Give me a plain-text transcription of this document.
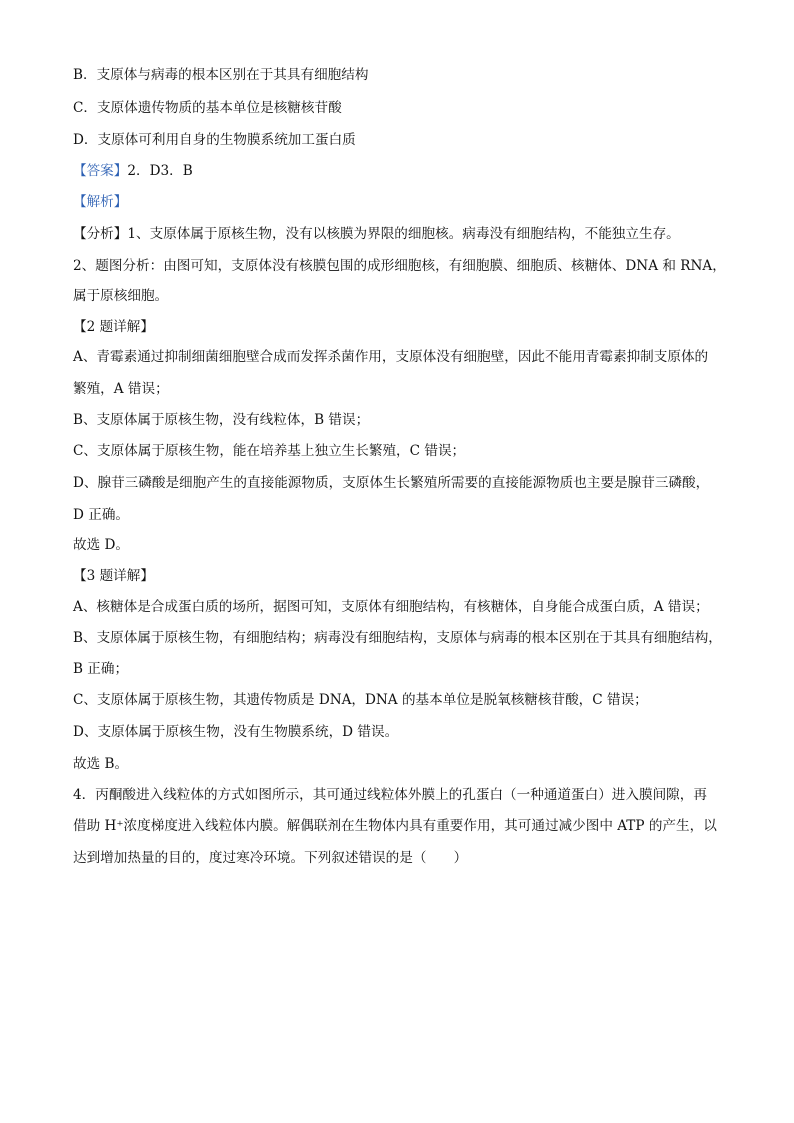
B．支原体与病毒的根本区别在于其具有细胞结构
C．支原体遗传物质的基本单位是核糖核苷酸
D．支原体可利用自身的生物膜系统加工蛋白质
【答案】2．D3．B
【解析】
【分析】1、支原体属于原核生物，没有以核膜为界限的细胞核。病毒没有细胞结构，不能独立生存。
2、题图分析：由图可知，支原体没有核膜包围的成形细胞核，有细胞膜、细胞质、核糖体、DNA 和 RNA，
属于原核细胞。
【2 题详解】
A、青霉素通过抑制细菌细胞壁合成而发挥杀菌作用，支原体没有细胞壁，因此不能用青霉素抑制支原体的
繁殖，A 错误；
B、支原体属于原核生物，没有线粒体，B 错误；
C、支原体属于原核生物，能在培养基上独立生长繁殖，C 错误；
D、腺苷三磷酸是细胞产生的直接能源物质，支原体生长繁殖所需要的直接能源物质也主要是腺苷三磷酸，
D 正确。
故选 D。
【3 题详解】
A、核糖体是合成蛋白质的场所，据图可知，支原体有细胞结构，有核糖体，自身能合成蛋白质，A 错误；
B、支原体属于原核生物，有细胞结构；病毒没有细胞结构，支原体与病毒的根本区别在于其具有细胞结构，
B 正确；
C、支原体属于原核生物，其遗传物质是 DNA，DNA 的基本单位是脱氧核糖核苷酸，C 错误；
D、支原体属于原核生物，没有生物膜系统，D 错误。
故选 B。
4．丙酮酸进入线粒体的方式如图所示，其可通过线粒体外膜上的孔蛋白（一种通道蛋白）进入膜间隙，再
借助 H⁺浓度梯度进入线粒体内膜。解偶联剂在生物体内具有重要作用，其可通过减少图中 ATP 的产生，以
达到增加热量的目的，度过寒冷环境。下列叙述错误的是（　　）
